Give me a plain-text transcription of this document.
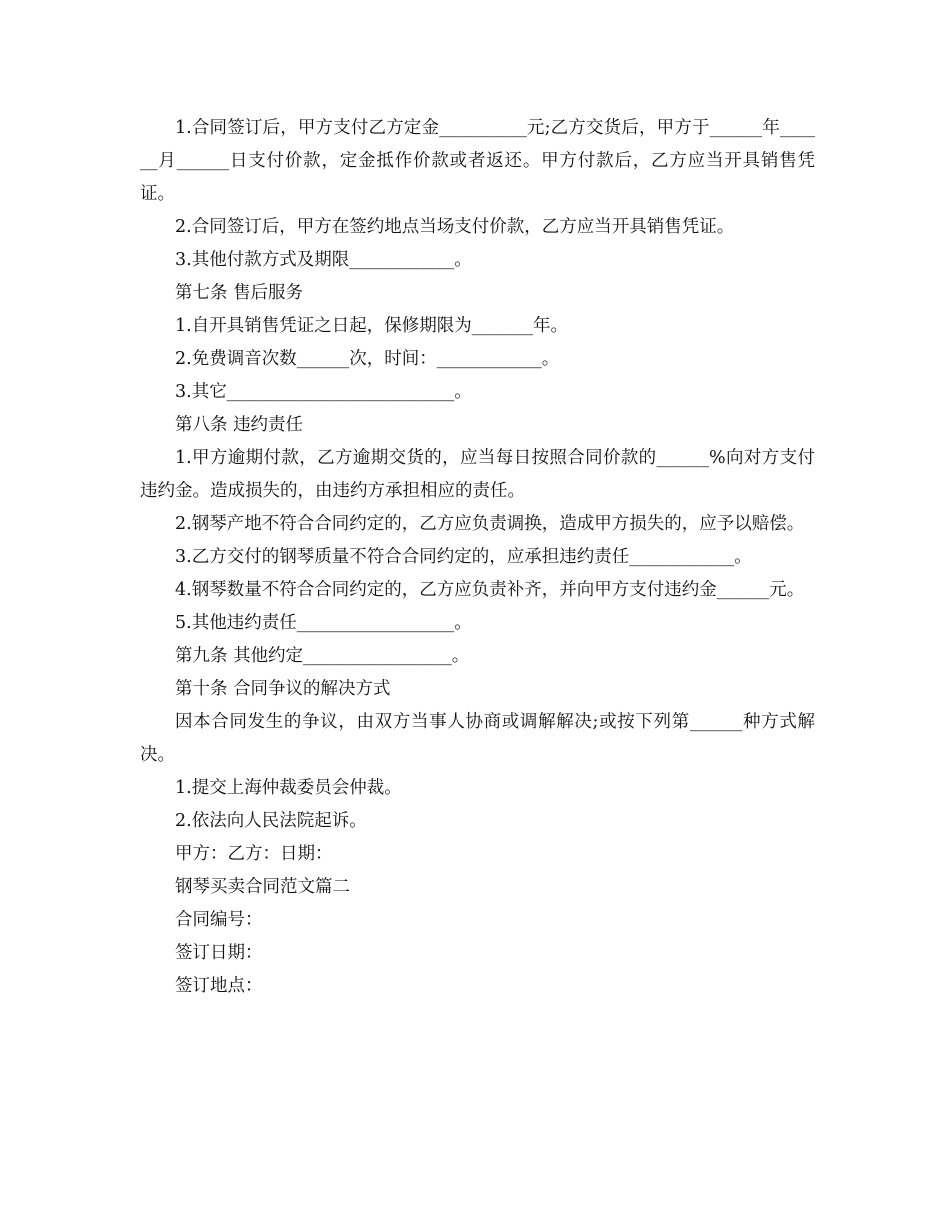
1.合同签订后，甲方支付乙方定金__________元;乙方交货后，甲方于______年______月______日支付价款，定金抵作价款或者返还。甲方付款后，乙方应当开具销售凭证。

2.合同签订后，甲方在签约地点当场支付价款，乙方应当开具销售凭证。

3.其他付款方式及期限____________。

第七条 售后服务

1.自开具销售凭证之日起，保修期限为_______年。

2.免费调音次数______次，时间：____________。

3.其它__________________________。

第八条 违约责任

1.甲方逾期付款，乙方逾期交货的，应当每日按照合同价款的______%向对方支付违约金。造成损失的，由违约方承担相应的责任。

2.钢琴产地不符合合同约定的，乙方应负责调换，造成甲方损失的，应予以赔偿。

3.乙方交付的钢琴质量不符合合同约定的，应承担违约责任____________。

4.钢琴数量不符合合同约定的，乙方应负责补齐，并向甲方支付违约金______元。

5.其他违约责任__________________。

第九条 其他约定_________________。

第十条 合同争议的解决方式

因本合同发生的争议，由双方当事人协商或调解解决;或按下列第______种方式解决。

1.提交上海仲裁委员会仲裁。

2.依法向人民法院起诉。

甲方：乙方：日期：

钢琴买卖合同范文篇二

合同编号：

签订日期：

签订地点：
